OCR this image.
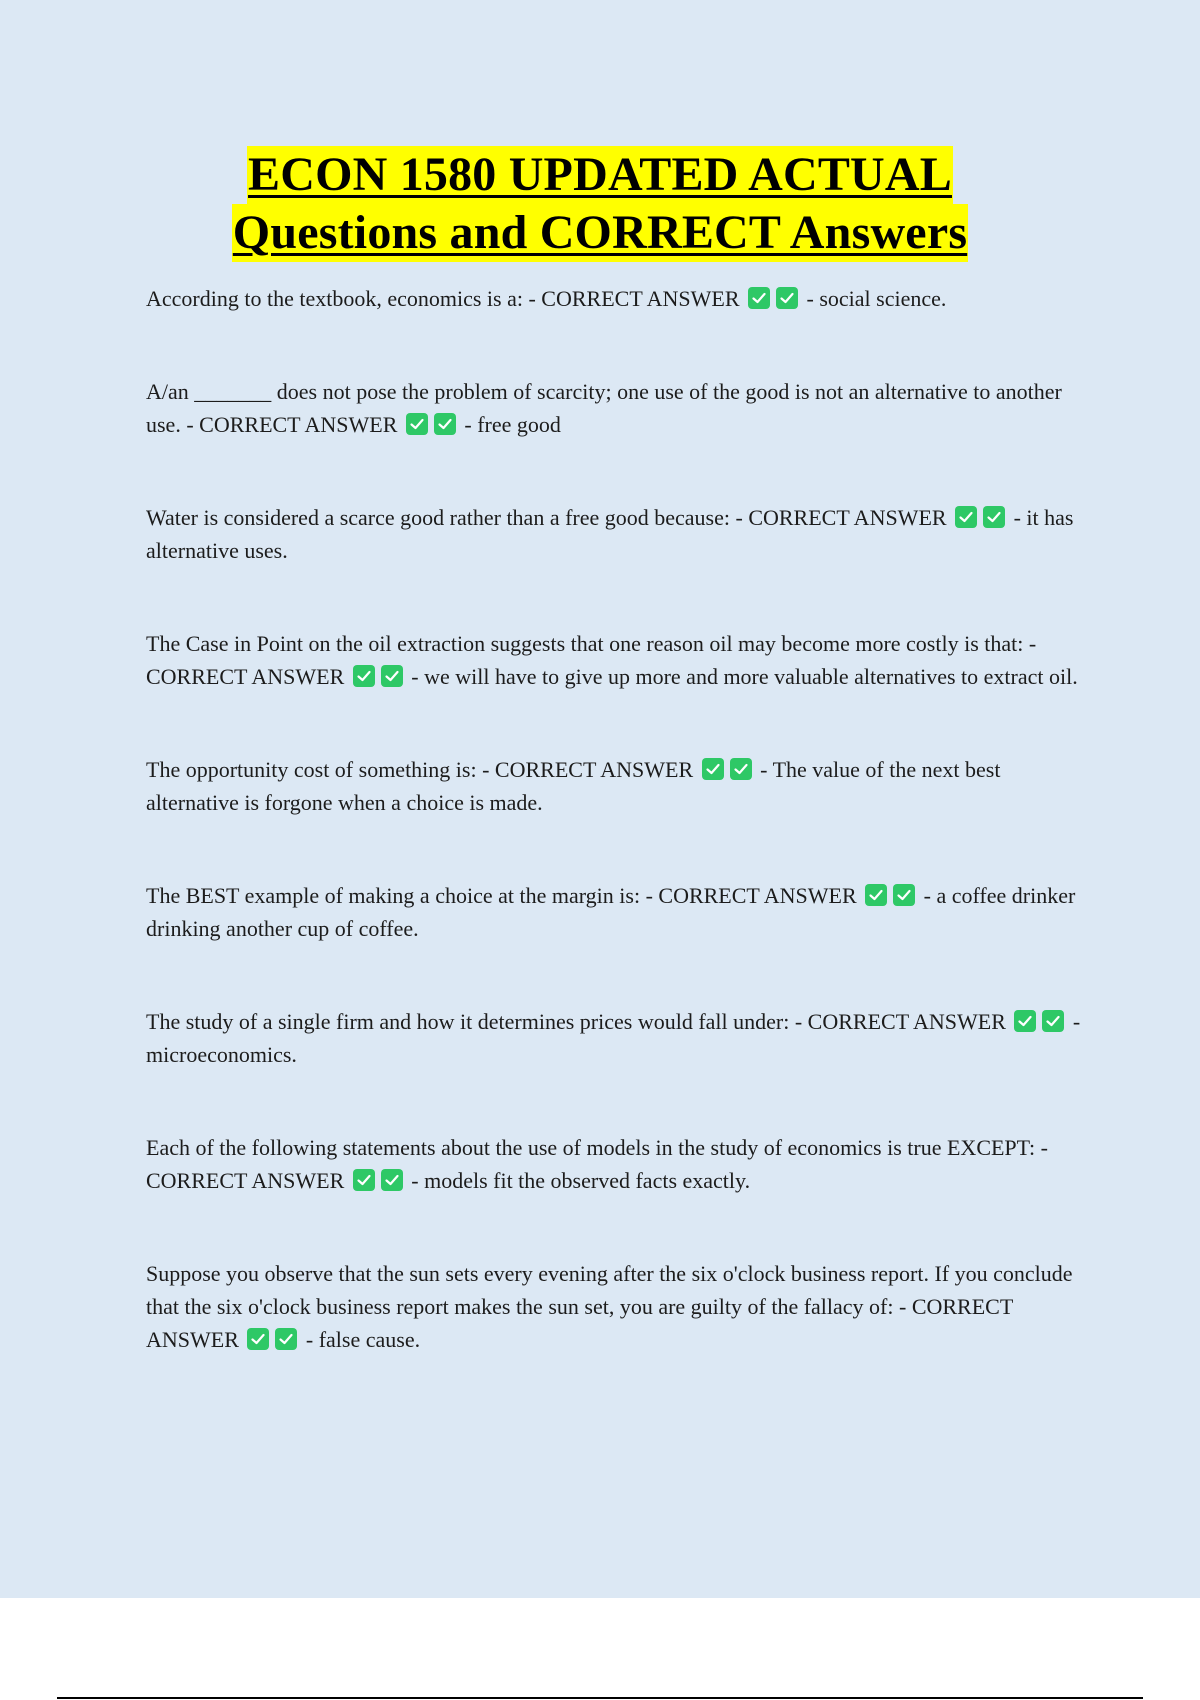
ECON 1580 UPDATED ACTUAL
Questions and CORRECT Answers

According to the textbook, economics is a: - CORRECT ANSWER	- social science.

A/an _______ does not pose the problem of scarcity; one use of the good is not an alternative to another use. - CORRECT ANSWER	- free good

Water is considered a scarce good rather than a free good because: - CORRECT ANSWER	- it has alternative uses.

The Case in Point on the oil extraction suggests that one reason oil may become more costly is that: - CORRECT ANSWER	- we will have to give up more and more valuable alternatives to extract oil.

The opportunity cost of something is: - CORRECT ANSWER	- The value of the next best alternative is forgone when a choice is made.

The BEST example of making a choice at the margin is: - CORRECT ANSWER	- a coffee drinker drinking another cup of coffee.

The study of a single firm and how it determines prices would fall under: - CORRECT ANSWER	- microeconomics.

Each of the following statements about the use of models in the study of economics is true EXCEPT: - CORRECT ANSWER	- models fit the observed facts exactly.

Suppose you observe that the sun sets every evening after the six o'clock business report. If you conclude that the six o'clock business report makes the sun set, you are guilty of the fallacy of: - CORRECT ANSWER	- false cause.
